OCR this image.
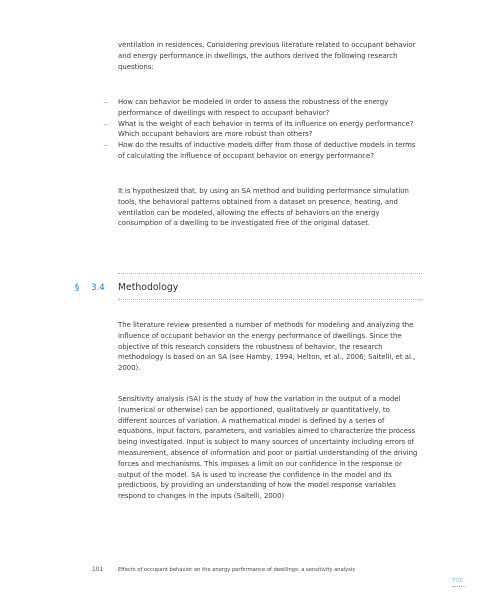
ventilation in residences. Considering previous literature related to occupant behavior and energy performance in dwellings, the authors derived the following research questions:

– How can behavior be modeled in order to assess the robustness of the energy performance of dwellings with respect to occupant behavior?
– What is the weight of each behavior in terms of its influence on energy performance? Which occupant behaviors are more robust than others?
– How do the results of inductive models differ from those of deductive models in terms of calculating the influence of occupant behavior on energy performance?

It is hypothesized that, by using an SA method and building performance simulation tools, the behavioral patterns obtained from a dataset on presence, heating, and ventilation can be modeled, allowing the effects of behaviors on the energy consumption of a dwelling to be investigated free of the original dataset.

§ 3.4 Methodology

The literature review presented a number of methods for modeling and analyzing the influence of occupant behavior on the energy performance of dwellings. Since the objective of this research considers the robustness of behavior, the research methodology is based on an SA (see Hamby, 1994; Helton, et al., 2006; Saltelli, et al., 2000).

Sensitivity analysis (SA) is the study of how the variation in the output of a model (numerical or otherwise) can be apportioned, qualitatively or quantitatively, to different sources of variation. A mathematical model is defined by a series of equations, input factors, parameters, and variables aimed to characterize the process being investigated. Input is subject to many sources of uncertainty including errors of measurement, absence of information and poor or partial understanding of the driving forces and mechanisms. This imposes a limit on our confidence in the response or output of the model. SA is used to increase the confidence in the model and its predictions, by providing an understanding of how the model response variables respond to changes in the inputs (Saltelli, 2000)

101	Effects of occupant behavior on the energy performance of dwellings: a sensitivity analysis
TOC
